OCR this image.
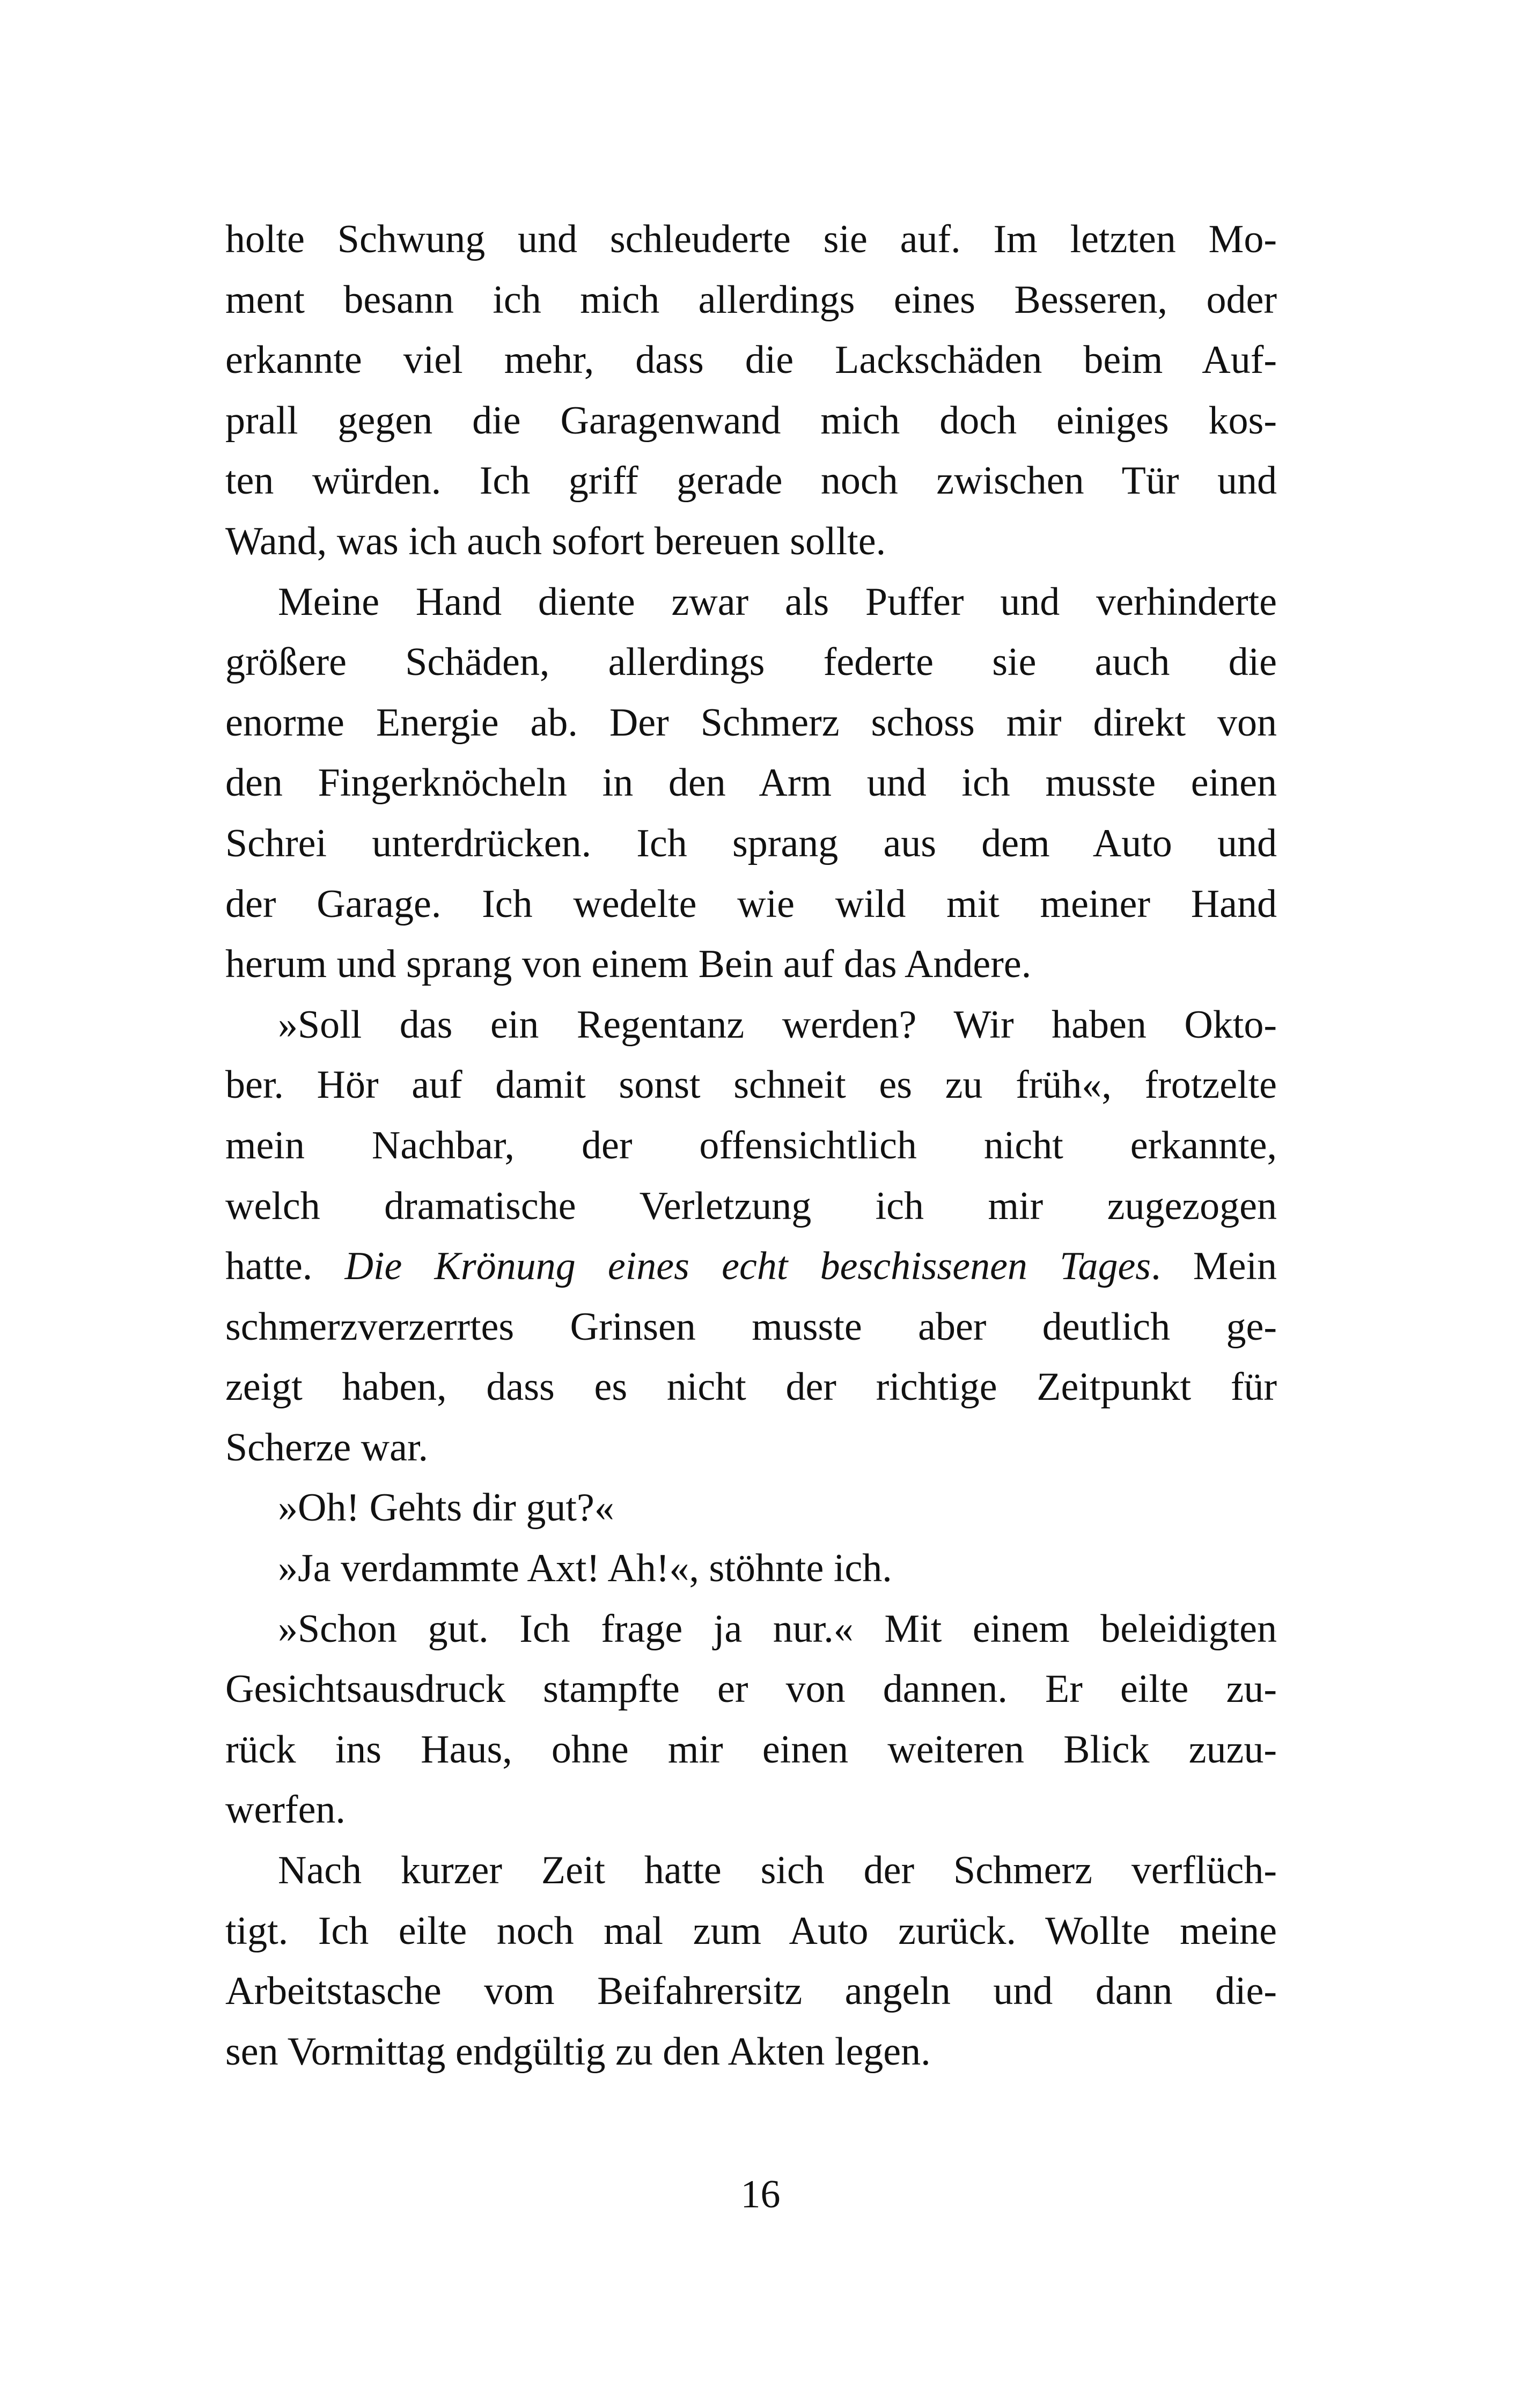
holte Schwung und schleuderte sie auf. Im letzten Mo-
ment besann ich mich allerdings eines Besseren, oder
erkannte viel mehr, dass die Lackschäden beim Auf-
prall gegen die Garagenwand mich doch einiges kos-
ten würden. Ich griff gerade noch zwischen Tür und
Wand, was ich auch sofort bereuen sollte.
Meine Hand diente zwar als Puffer und verhinderte
größere Schäden, allerdings federte sie auch die
enorme Energie ab. Der Schmerz schoss mir direkt von
den Fingerknöcheln in den Arm und ich musste einen
Schrei unterdrücken. Ich sprang aus dem Auto und
der Garage. Ich wedelte wie wild mit meiner Hand
herum und sprang von einem Bein auf das Andere.
»Soll das ein Regentanz werden? Wir haben Okto-
ber. Hör auf damit sonst schneit es zu früh«, frotzelte
mein Nachbar, der offensichtlich nicht erkannte,
welch dramatische Verletzung ich mir zugezogen
hatte. Die Krönung eines echt beschissenen Tages. Mein
schmerzverzerrtes Grinsen musste aber deutlich ge-
zeigt haben, dass es nicht der richtige Zeitpunkt für
Scherze war.
»Oh! Gehts dir gut?«
»Ja verdammte Axt! Ah!«, stöhnte ich.
»Schon gut. Ich frage ja nur.« Mit einem beleidigten
Gesichtsausdruck stampfte er von dannen. Er eilte zu-
rück ins Haus, ohne mir einen weiteren Blick zuzu-
werfen.
Nach kurzer Zeit hatte sich der Schmerz verflüch-
tigt. Ich eilte noch mal zum Auto zurück. Wollte meine
Arbeitstasche vom Beifahrersitz angeln und dann die-
sen Vormittag endgültig zu den Akten legen.
16
